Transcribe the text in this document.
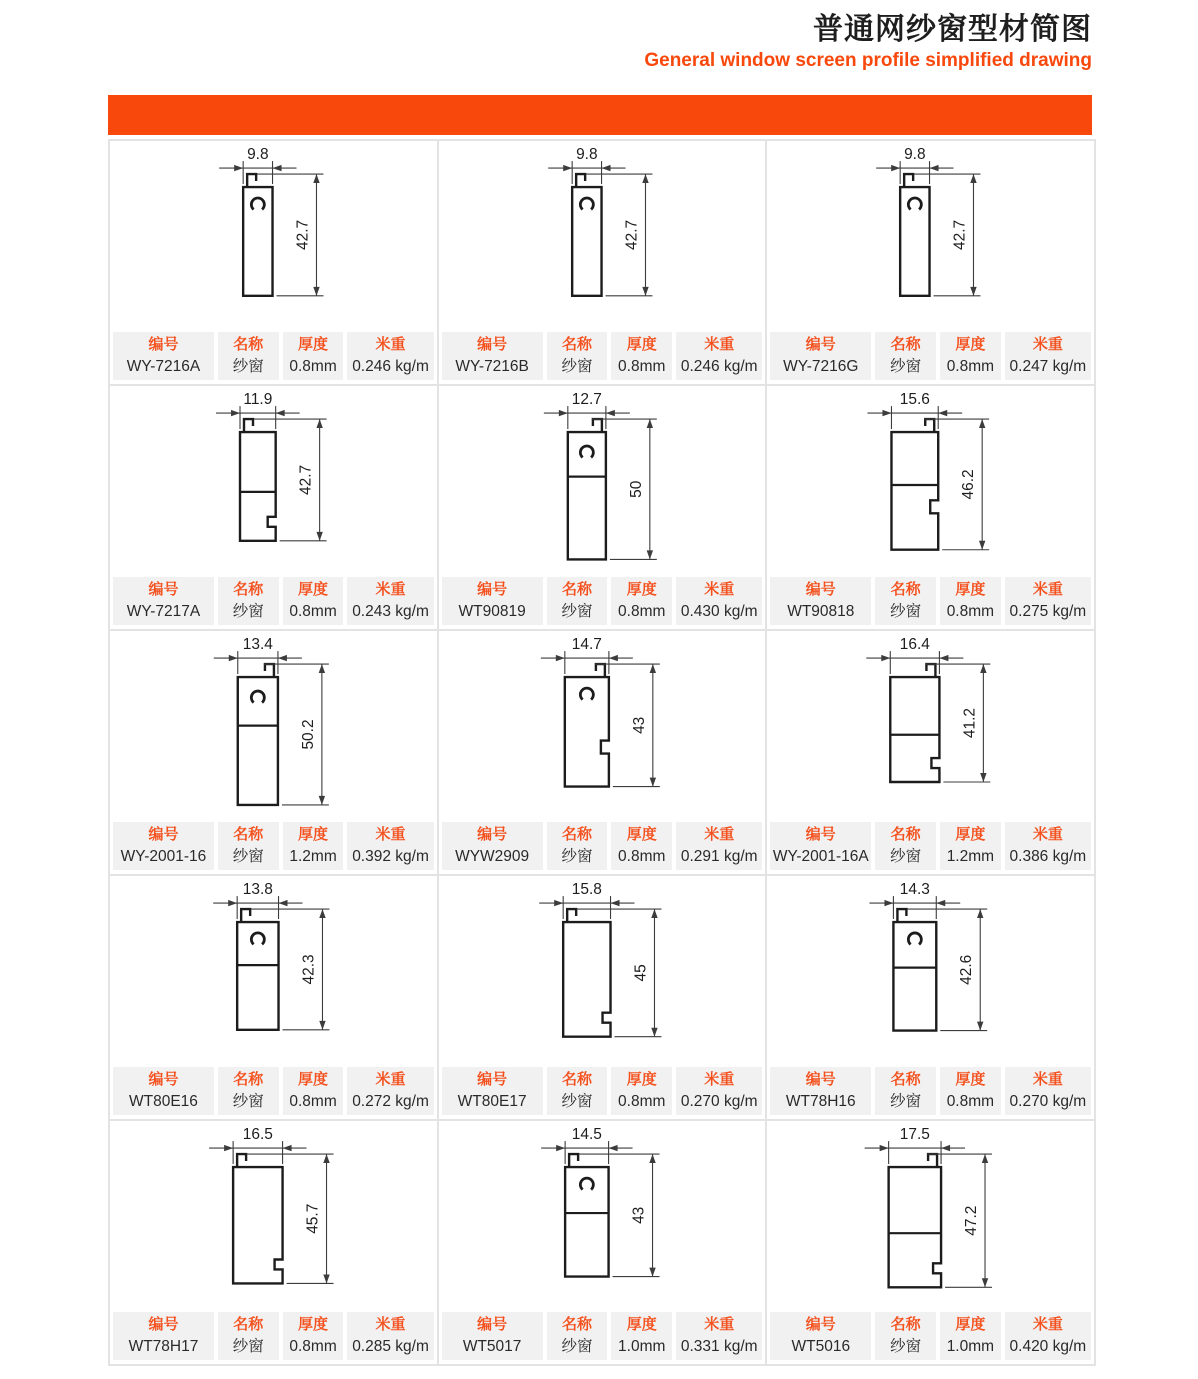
普通网纱窗型材简图
General window screen profile simplified drawing
9.8
42.7
编号
WY-7216A
名称
纱窗
厚度
0.8mm
米重
0.246 kg/m
9.8
42.7
编号
WY-7216B
名称
纱窗
厚度
0.8mm
米重
0.246 kg/m
9.8
42.7
编号
WY-7216G
名称
纱窗
厚度
0.8mm
米重
0.247 kg/m
11.9
42.7
编号
WY-7217A
名称
纱窗
厚度
0.8mm
米重
0.243 kg/m
12.7
50
编号
WT90819
名称
纱窗
厚度
0.8mm
米重
0.430 kg/m
15.6
46.2
编号
WT90818
名称
纱窗
厚度
0.8mm
米重
0.275 kg/m
13.4
50.2
编号
WY-2001-16
名称
纱窗
厚度
1.2mm
米重
0.392 kg/m
14.7
43
编号
WYW2909
名称
纱窗
厚度
0.8mm
米重
0.291 kg/m
16.4
41.2
编号
WY-2001-16A
名称
纱窗
厚度
1.2mm
米重
0.386 kg/m
13.8
42.3
编号
WT80E16
名称
纱窗
厚度
0.8mm
米重
0.272 kg/m
15.8
45
编号
WT80E17
名称
纱窗
厚度
0.8mm
米重
0.270 kg/m
14.3
42.6
编号
WT78H16
名称
纱窗
厚度
0.8mm
米重
0.270 kg/m
16.5
45.7
编号
WT78H17
名称
纱窗
厚度
0.8mm
米重
0.285 kg/m
14.5
43
编号
WT5017
名称
纱窗
厚度
1.0mm
米重
0.331 kg/m
17.5
47.2
编号
WT5016
名称
纱窗
厚度
1.0mm
米重
0.420 kg/m
